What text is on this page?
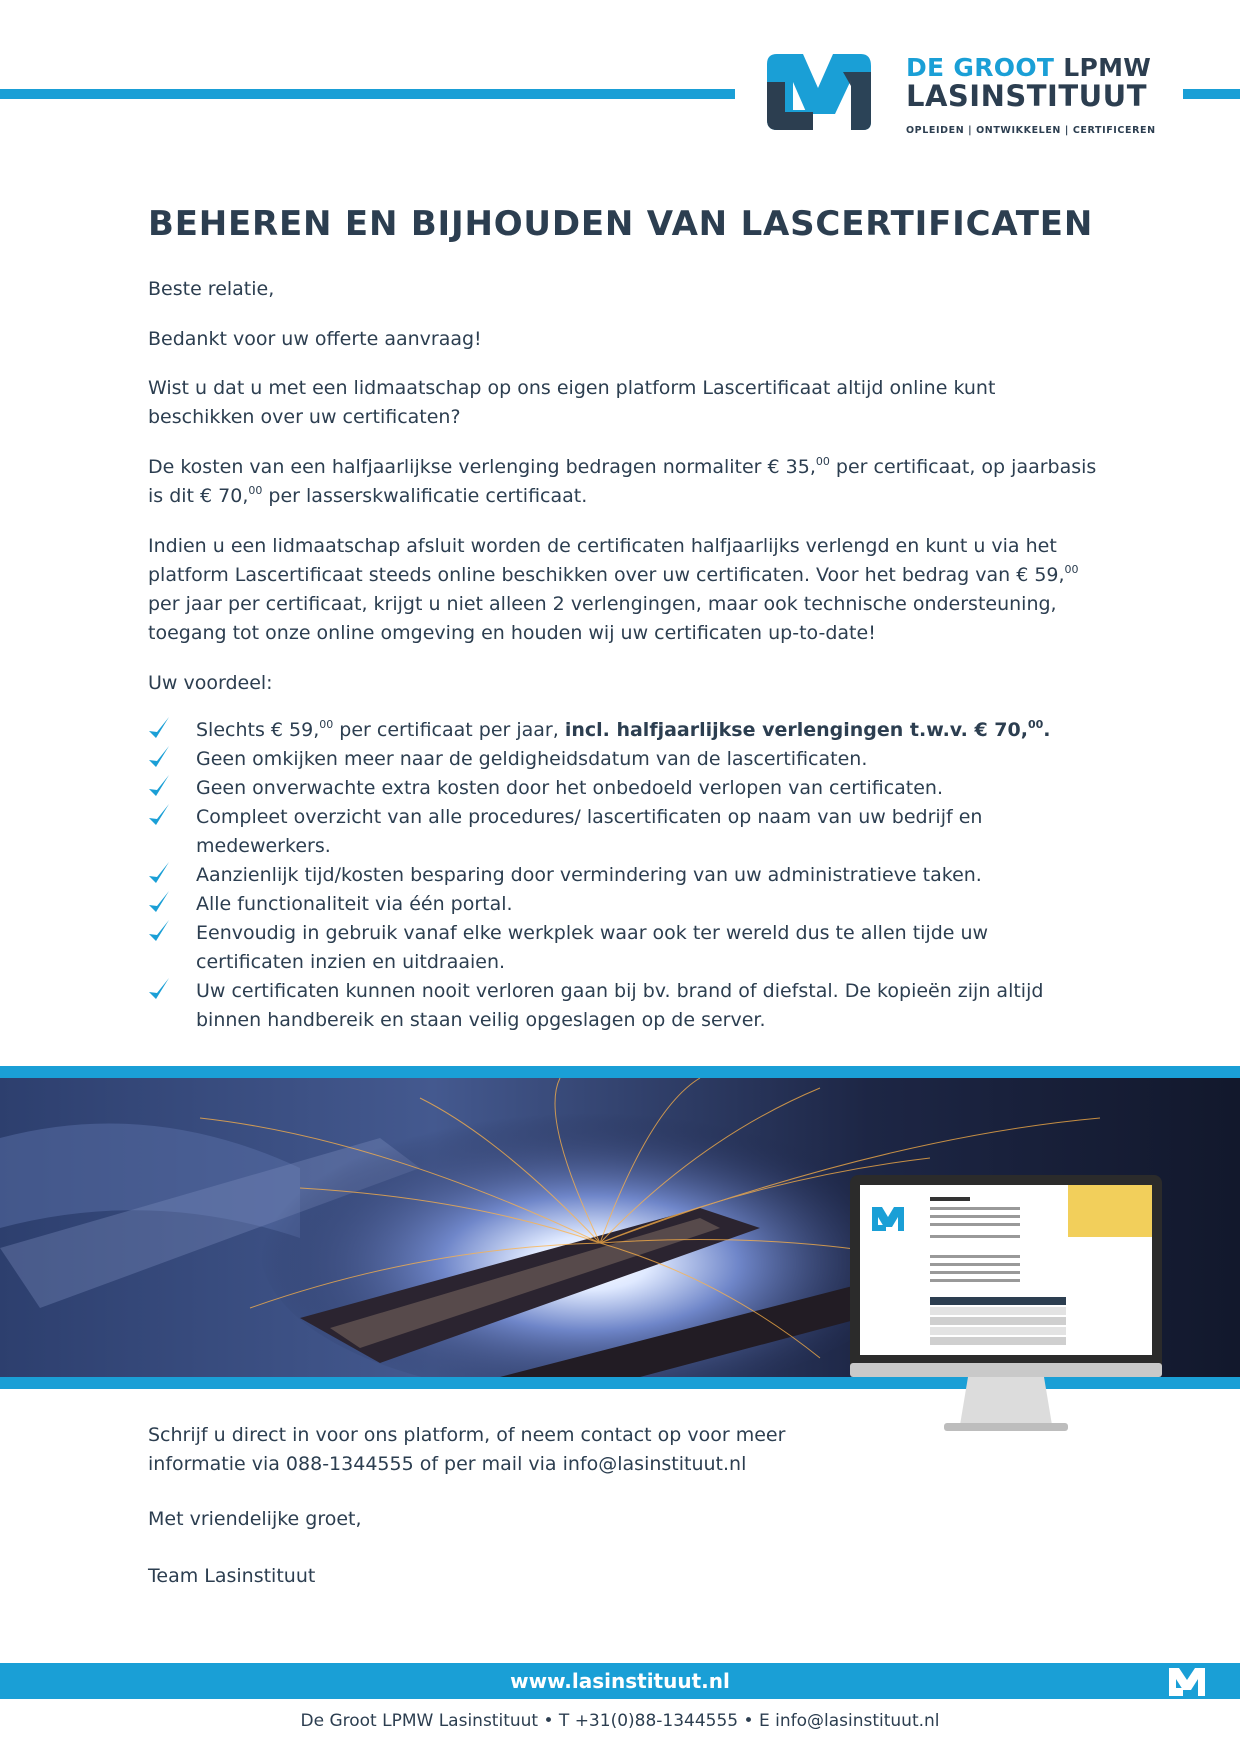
DE GROOT LPMW
LASINSTITUUT
OPLEIDEN | ONTWIKKELEN | CERTIFICEREN
BEHEREN EN BIJHOUDEN VAN LASCERTIFICATEN

Beste relatie,

Bedankt voor uw offerte aanvraag!

Wist u dat u met een lidmaatschap op ons eigen platform Lascertificaat altijd online kunt beschikken over uw certificaten?

De kosten van een halfjaarlijkse verlenging bedragen normaliter € 35,00 per certificaat, op jaarbasis is dit € 70,00 per lasserskwalificatie certificaat.

Indien u een lidmaatschap afsluit worden de certificaten halfjaarlijks verlengd en kunt u via het platform Lascertificaat steeds online beschikken over uw certificaten. Voor het bedrag van € 59,00 per jaar per certificaat, krijgt u niet alleen 2 verlengingen, maar ook technische ondersteuning, toegang tot onze online omgeving en houden wij uw certificaten up-to-date!

Uw voordeel:

Slechts € 59,00 per certificaat per jaar, incl. halfjaarlijkse verlengingen t.w.v. € 70,00.
Geen omkijken meer naar de geldigheidsdatum van de lascertificaten.
Geen onverwachte extra kosten door het onbedoeld verlopen van certificaten.
Compleet overzicht van alle procedures/ lascertificaten op naam van uw bedrijf en medewerkers.
Aanzienlijk tijd/kosten besparing door vermindering van uw administratieve taken.
Alle functionaliteit via één portal.
Eenvoudig in gebruik vanaf elke werkplek waar ook ter wereld dus te allen tijde uw certificaten inzien en uitdraaien.
Uw certificaten kunnen nooit verloren gaan bij bv. brand of diefstal. De kopieën zijn altijd binnen handbereik en staan veilig opgeslagen op de server.

Schrijf u direct in voor ons platform, of neem contact op voor meer informatie via 088-1344555 of per mail via info@lasinstituut.nl

Met vriendelijke groet,

Team Lasinstituut

www.lasinstituut.nl
De Groot LPMW Lasinstituut • T +31(0)88-1344555 • E info@lasinstituut.nl
